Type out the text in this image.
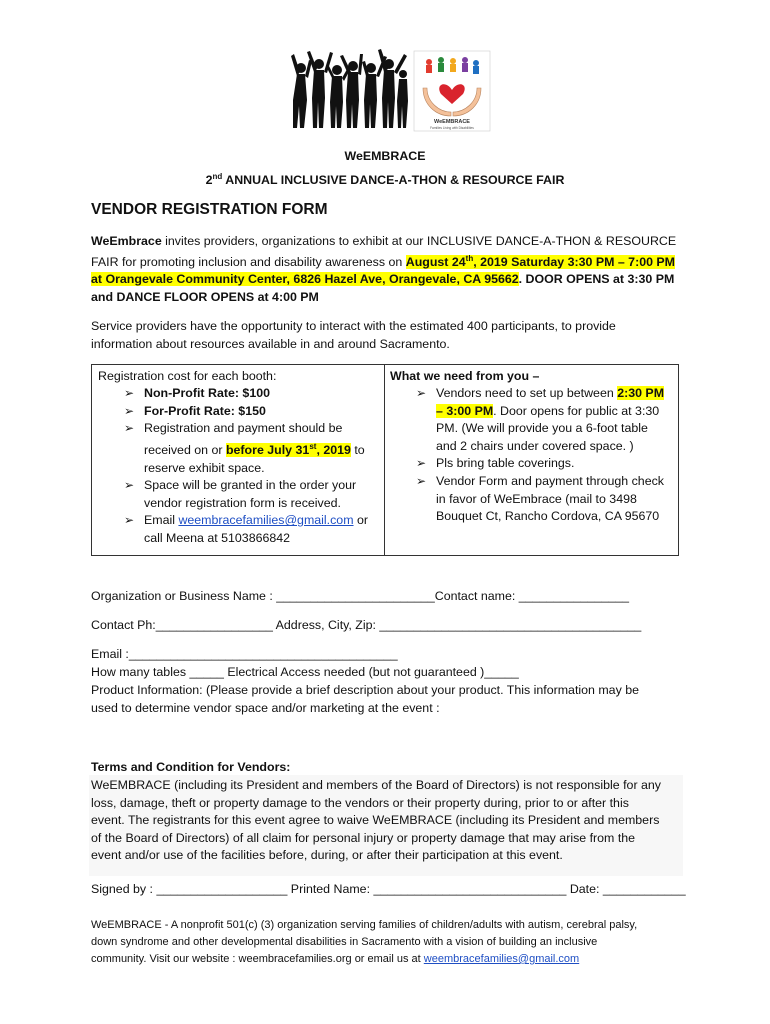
WeEMBRACE
Families Living with Disabilities
WeEMBRACE
2nd ANNUAL INCLUSIVE DANCE-A-THON & RESOURCE FAIR
VENDOR REGISTRATION FORM
WeEmbrace invites providers, organizations to exhibit at our INCLUSIVE DANCE-A-THON & RESOURCE
FAIR for promoting inclusion and disability awareness on August 24th, 2019 Saturday 3:30 PM – 7:00 PM
at Orangevale Community Center, 6826 Hazel Ave, Orangevale, CA 95662. DOOR OPENS at 3:30 PM
and DANCE FLOOR OPENS at 4:00 PM
Service providers have the opportunity to interact with the estimated 400 participants, to provide
information about resources available in and around Sacramento.
Registration cost for each booth:
➢ Non-Profit Rate: $100
➢ For-Profit Rate: $150
➢ Registration and payment should be
received on or before July 31st, 2019 to
reserve exhibit space.
➢ Space will be granted in the order your
vendor registration form is received.
➢ Email weembracefamilies@gmail.com or
call Meena at 5103866842
What we need from you –
➢ Vendors need to set up between 2:30 PM
– 3:00 PM. Door opens for public at 3:30
PM. (We will provide you a 6-foot table
and 2 chairs under covered space. )
➢ Pls bring table coverings.
➢ Vendor Form and payment through check
in favor of WeEmbrace (mail to 3498
Bouquet Ct, Rancho Cordova, CA 95670
Organization or Business Name : _______________________Contact name: ________________
Contact Ph:_________________ Address, City, Zip: ______________________________________
Email :_______________________________________
How many tables _____ Electrical Access needed (but not guaranteed )_____
Product Information: (Please provide a brief description about your product. This information may be
used to determine vendor space and/or marketing at the event :
Terms and Condition for Vendors:
WeEMBRACE (including its President and members of the Board of Directors) is not responsible for any
loss, damage, theft or property damage to the vendors or their property during, prior to or after this
event. The registrants for this event agree to waive WeEMBRACE (including its President and members
of the Board of Directors) of all claim for personal injury or property damage that may arise from the
event and/or use of the facilities before, during, or after their participation at this event.
Signed by : ___________________ Printed Name: ____________________________ Date: ____________
WeEMBRACE - A nonprofit 501(c) (3) organization serving families of children/adults with autism, cerebral palsy,
down syndrome and other developmental disabilities in Sacramento with a vision of building an inclusive
community. Visit our website : weembracefamilies.org or email us at weembracefamilies@gmail.com
